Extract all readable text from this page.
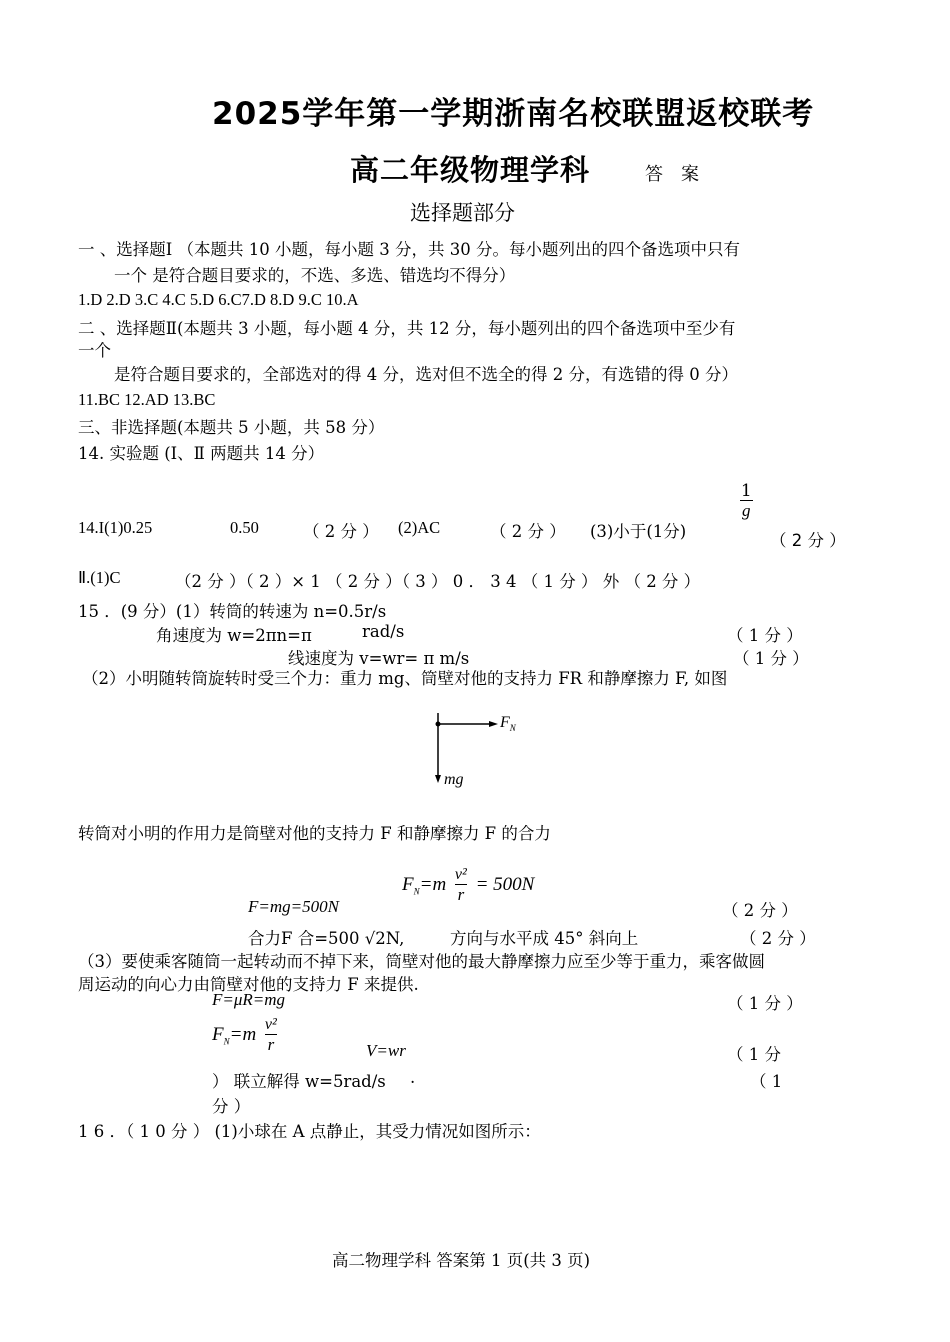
2025学年第一学期浙南名校联盟返校联考
高二年级物理学科	答　案
选择题部分
一 、选择题Ⅰ （本题共 10 小题，每小题 3 分，共 30 分。每小题列出的四个备选项中只有
一个 是符合题目要求的，不选、多选、错选均不得分）
1.D 2.D 3.C 4.C 5.D 6.C7.D 8.D 9.C 10.A
二 、选择题Ⅱ(本题共 3 小题，每小题 4 分，共 12 分，每小题列出的四个备选项中至少有
一个
是符合题目要求的，全部选对的得 4 分，选对但不选全的得 2 分，有选错的得 0 分）
11.BC 12.AD 13.BC
三、非选择题(本题共 5 小题，共 58 分）
14. 实验题 (Ⅰ、Ⅱ 两题共 14 分）
14.I(1)0.25	0.50	（ 2 分 ） (2)AC	（ 2 分 ） (3)小于(1分)
$\frac{1}{g}$
（ 2 分 ）
Ⅱ.(1)C	（2 分 ）（ 2 ）× 1 （ 2 分 ）（ 3 ） 0 ． 3 4 （ 1 分 ） 外 （ 2 分 ）
15 ．(9 分）(1）转筒的转速为 n=0.5r/s
角速度为 w=2πn=π	rad/s	（ 1 分 ）
线速度为 v=wr= π m/s	（ 1 分 ）
（2）小明随转筒旋转时受三个力：重力 mg、筒壁对他的支持力 FR 和静摩擦力 F, 如图
$F_N$
mg
转筒对小明的作用力是筒壁对他的支持力 F 和静摩擦力 F 的合力
$F_N=m \frac{\text{v²}}{r} = 500N$
F=mg=500N	（ 2 分 ）
合力F 合=500 √2N,	方向与水平成 45° 斜向上	（ 2 分 ）
（3）要使乘客随筒一起转动而不掉下来，筒壁对他的最大静摩擦力应至少等于重力，乘客做圆
周运动的向心力由筒壁对他的支持力 F 来提供.
F=μR=mg	（ 1 分 ）
$F_N=m \frac{\text{v²}}{r}$	V=wr	（ 1 分
） 联立解得 w=5rad/s .	（ 1
分 ）
1 6 ．（ 1 0 分 ） (1)小球在 A 点静止，其受力情况如图所示：
高二物理学科 答案第 1 页(共 3 页)
